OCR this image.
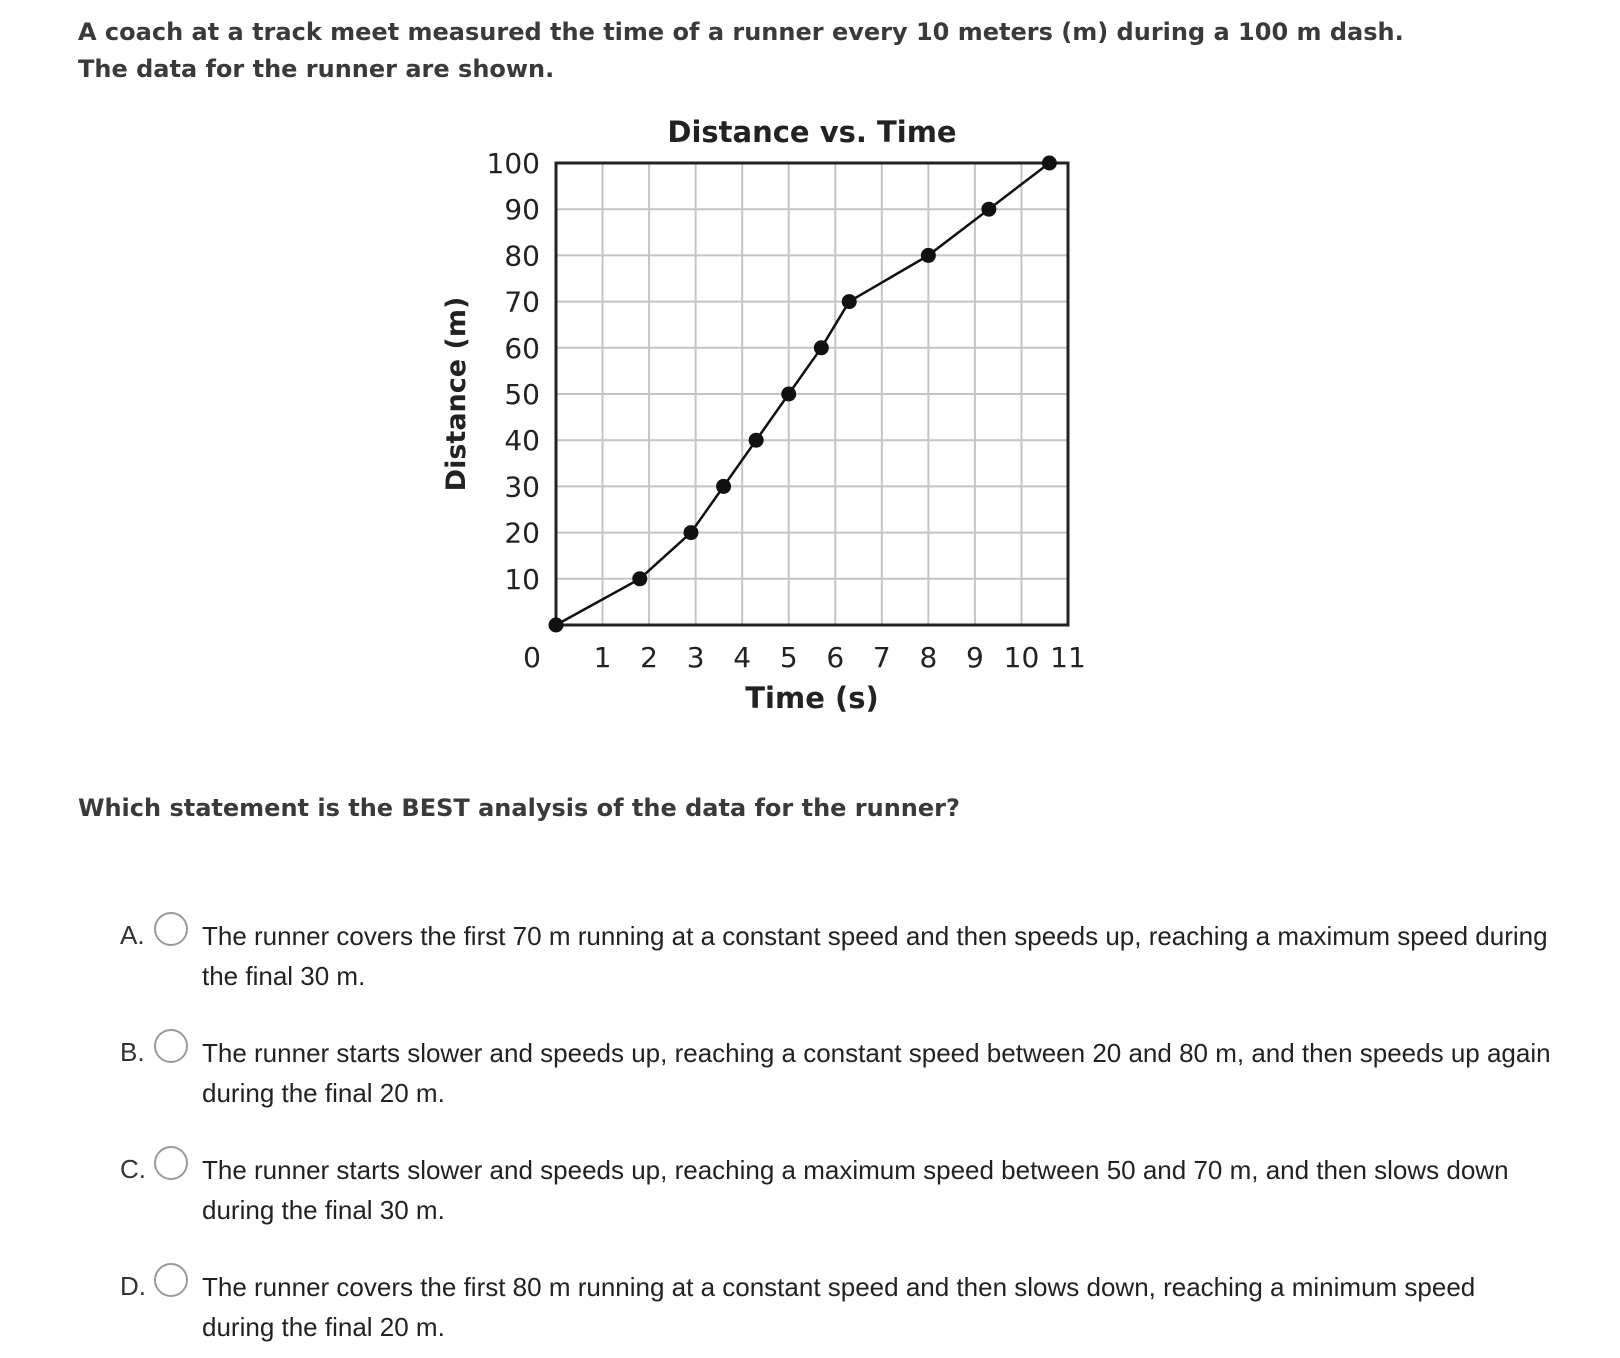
A coach at a track meet measured the time of a runner every 10 meters (m) during a 100 m dash.

The data for the runner are shown.

10
20
30
40
50
60
70
80
90
100
1 2 3 4 5 6 7 8 9 10 11
0
Distance vs. Time
Time (s)
Distance (m)

Which statement is the BEST analysis of the data for the runner?

A. The runner covers the first 70 m running at a constant speed and then speeds up, reaching a maximum speed during the final 30 m.
B. The runner starts slower and speeds up, reaching a constant speed between 20 and 80 m, and then speeds up again during the final 20 m.
C. The runner starts slower and speeds up, reaching a maximum speed between 50 and 70 m, and then slows down during the final 30 m.
D. The runner covers the first 80 m running at a constant speed and then slows down, reaching a minimum speed during the final 20 m.
